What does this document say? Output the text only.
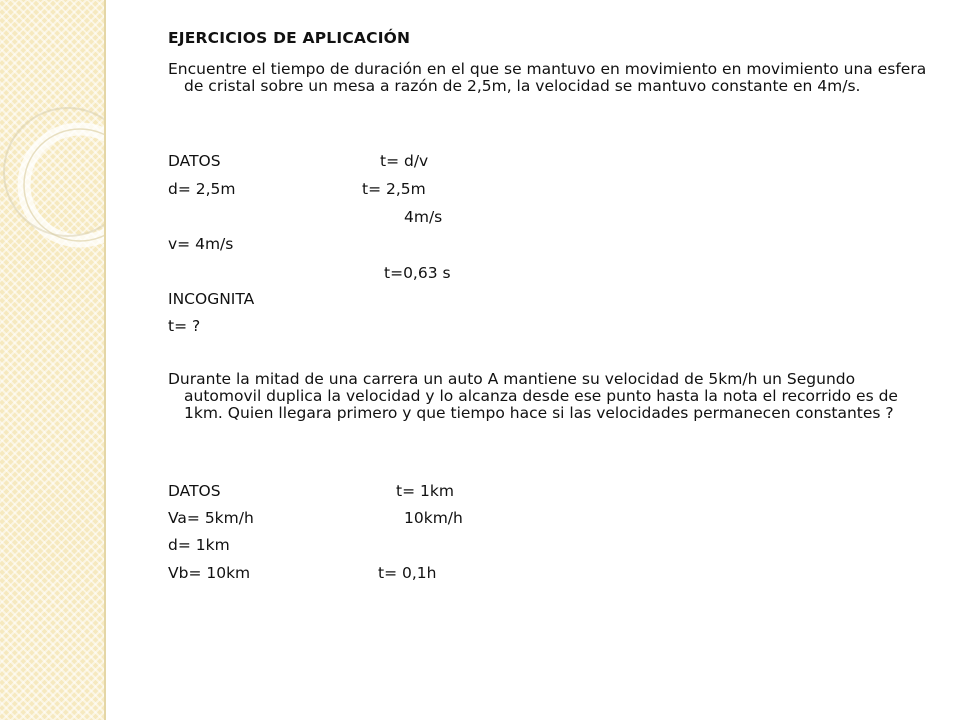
EJERCICIOS DE APLICACIÓN

Encuentre el tiempo de duración en el que se mantuvo en movimiento en movimiento una esfera de cristal sobre un mesa a razón de 2,5m, la velocidad se mantuvo constante en 4m/s.

DATOS	t= d/v

d= 2,5m	t= 2,5m

4m/s

v= 4m/s

t=0,63 s

INCOGNITA

t= ?

Durante la mitad de una carrera un auto A mantiene su velocidad de 5km/h un Segundo automovil duplica la velocidad y lo alcanza desde ese punto hasta la nota el recorrido es de 1km. Quien llegara primero y que tiempo hace si las velocidades permanecen constantes ?

DATOS	t= 1km

Va= 5km/h	10km/h

d= 1km

Vb= 10km	t= 0,1h
